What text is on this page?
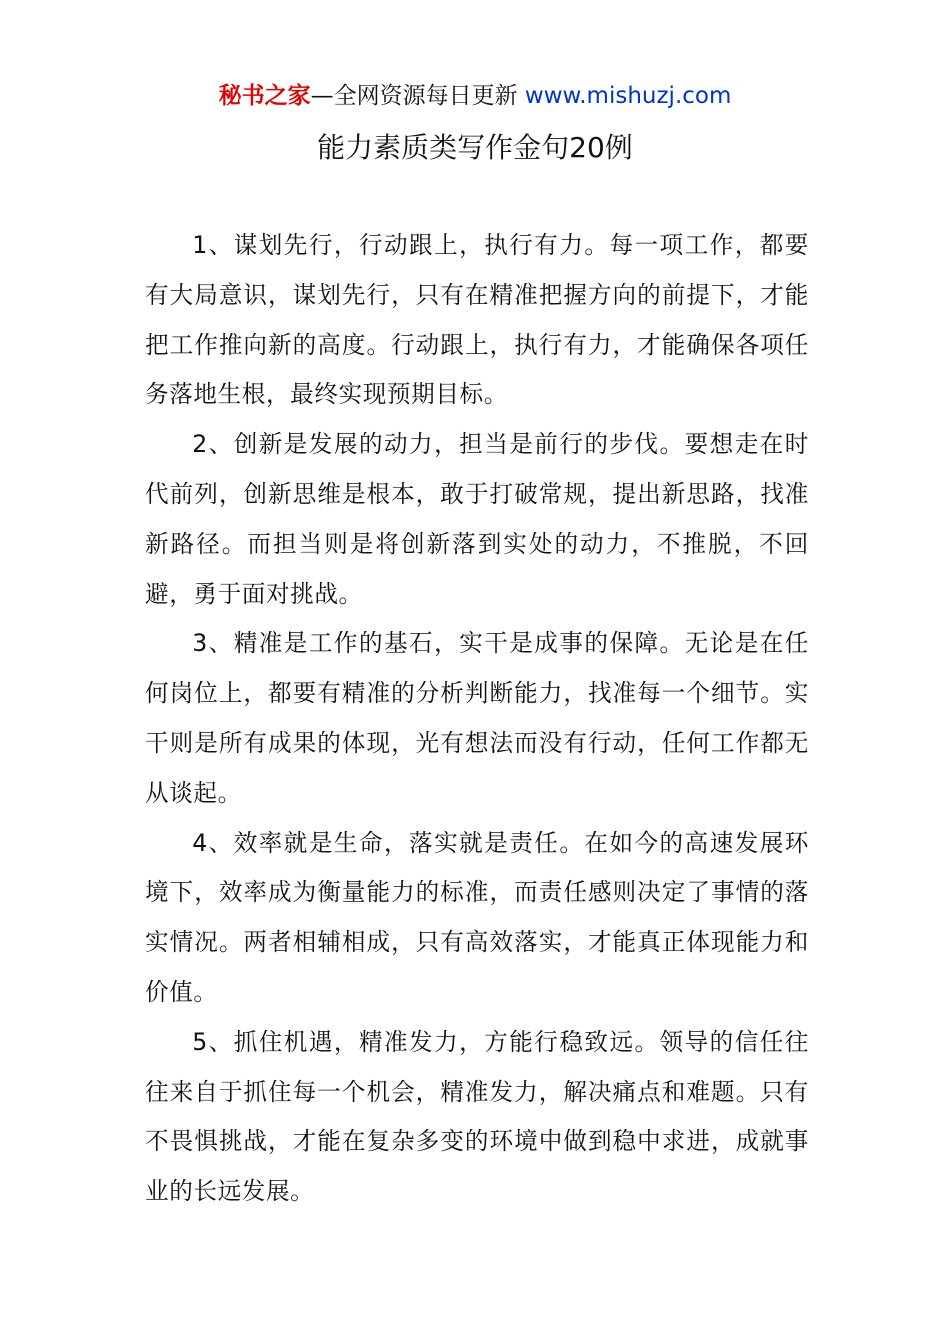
秘书之家—全网资源每日更新 www.mishuzj.com
能力素质类写作金句20例

1、谋划先行，行动跟上，执行有力。每一项工作，都要有大局意识，谋划先行，只有在精准把握方向的前提下，才能把工作推向新的高度。行动跟上，执行有力，才能确保各项任务落地生根，最终实现预期目标。

2、创新是发展的动力，担当是前行的步伐。要想走在时代前列，创新思维是根本，敢于打破常规，提出新思路，找准新路径。而担当则是将创新落到实处的动力，不推脱，不回避，勇于面对挑战。

3、精准是工作的基石，实干是成事的保障。无论是在任何岗位上，都要有精准的分析判断能力，找准每一个细节。实干则是所有成果的体现，光有想法而没有行动，任何工作都无从谈起。

4、效率就是生命，落实就是责任。在如今的高速发展环境下，效率成为衡量能力的标准，而责任感则决定了事情的落实情况。两者相辅相成，只有高效落实，才能真正体现能力和价值。

5、抓住机遇，精准发力，方能行稳致远。领导的信任往往来自于抓住每一个机会，精准发力，解决痛点和难题。只有不畏惧挑战，才能在复杂多变的环境中做到稳中求进，成就事业的长远发展。
